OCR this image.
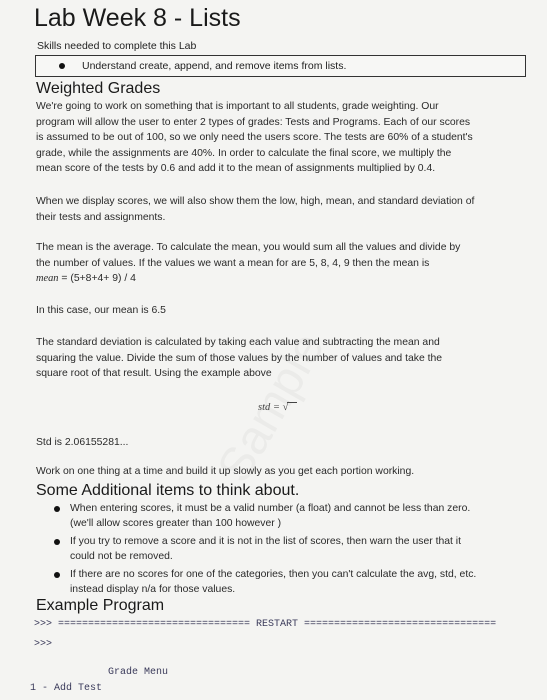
Lab Week 8 - Lists
Skills needed to complete this Lab
Understand create, append, and remove items from lists.
Weighted Grades
We're going to work on something that is important to all students, grade weighting. Our
program will allow the user to enter 2 types of grades: Tests and Programs. Each of our scores
is assumed to be out of 100, so we only need the users score. The tests are 60% of a student's
grade, while the assignments are 40%. In order to calculate the final score, we multiply the
mean score of the tests by 0.6 and add it to the mean of assignments multiplied by 0.4.
When we display scores, we will also show them the low, high, mean, and standard deviation of
their tests and assignments.
The mean is the average. To calculate the mean, you would sum all the values and divide by
the number of values. If the values we want a mean for are 5, 8, 4, 9 then the mean is
mean = (5+8+4+ 9) / 4
In this case, our mean is 6.5
The standard deviation is calculated by taking each value and subtracting the mean and
squaring the value. Divide the sum of those values by the number of values and take the
square root of that result. Using the example above
std = √
Std is 2.06155281...
Work on one thing at a time and build it up slowly as you get each portion working.
Some Additional items to think about.
When entering scores, it must be a valid number (a float) and cannot be less than zero.
(we'll allow scores greater than 100 however )
If you try to remove a score and it is not in the list of scores, then warn the user that it
could not be removed.
If there are no scores for one of the categories, then you can't calculate the avg, std, etc.
instead display n/a for those values.
Example Program
>>> ================================ RESTART ================================
>>>
Grade Menu
1 - Add Test
